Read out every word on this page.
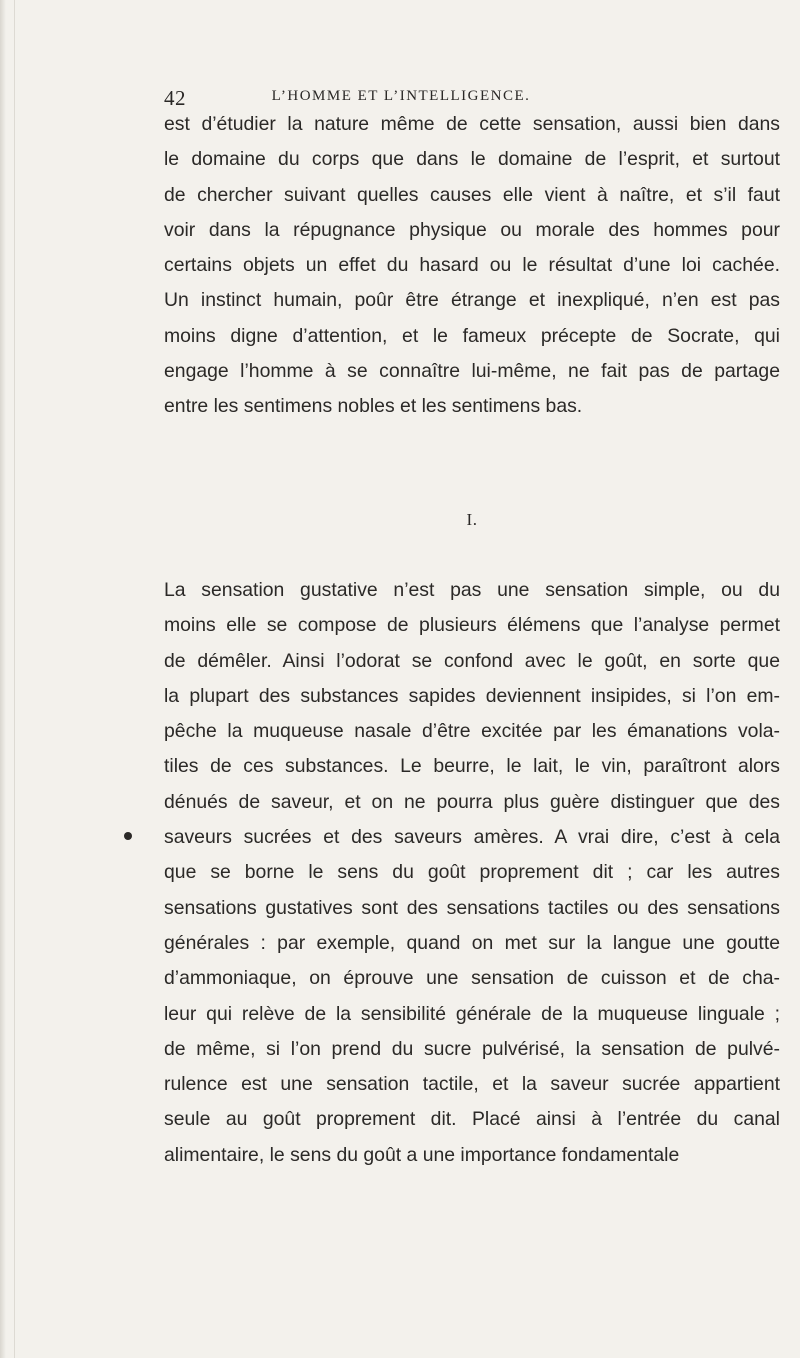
42	L’HOMME ET L’INTELLIGENCE.
est d’étudier la nature même de cette sensation, aussi bien dans
le domaine du corps que dans le domaine de l’esprit, et surtout
de chercher suivant quelles causes elle vient à naître, et s’il faut
voir dans la répugnance physique ou morale des hommes pour
certains objets un effet du hasard ou le résultat d’une loi cachée.
Un instinct humain, poûr être étrange et inexpliqué, n’en est pas
moins digne d’attention, et le fameux précepte de Socrate, qui
engage l’homme à se connaître lui-même, ne fait pas de partage
entre les sentimens nobles et les sentimens bas.
I.
La sensation gustative n’est pas une sensation simple, ou du
moins elle se compose de plusieurs élémens que l’analyse permet
de démêler. Ainsi l’odorat se confond avec le goût, en sorte que
la plupart des substances sapides deviennent insipides, si l’on em-
pêche la muqueuse nasale d’être excitée par les émanations vola-
tiles de ces substances. Le beurre, le lait, le vin, paraîtront alors
dénués de saveur, et on ne pourra plus guère distinguer que des
saveurs sucrées et des saveurs amères. A vrai dire, c’est à cela
que se borne le sens du goût proprement dit ; car les autres
sensations gustatives sont des sensations tactiles ou des sensations
générales : par exemple, quand on met sur la langue une goutte
d’ammoniaque, on éprouve une sensation de cuisson et de cha-
leur qui relève de la sensibilité générale de la muqueuse linguale ;
de même, si l’on prend du sucre pulvérisé, la sensation de pulvé-
rulence est une sensation tactile, et la saveur sucrée appartient
seule au goût proprement dit. Placé ainsi à l’entrée du canal
alimentaire, le sens du goût a une importance fondamentale
